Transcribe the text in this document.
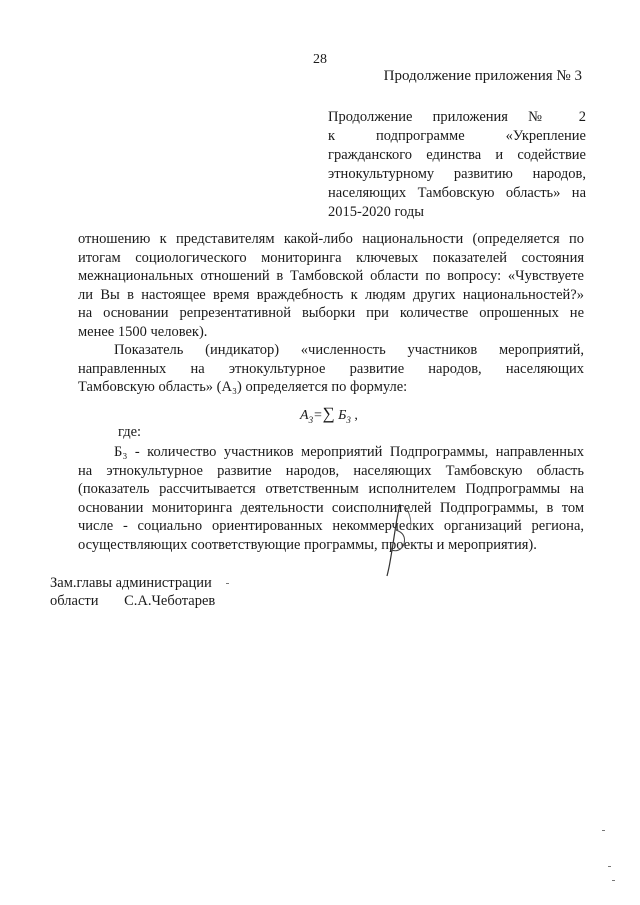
28
Продолжение приложения № 3
Продолжение приложения № 2
к подпрограмме «Укрепление
гражданского единства и содействие
этнокультурному развитию народов,
населяющих Тамбовскую область» на
2015-2020 годы
отношению к представителям какой-либо национальности (определяется по
итогам социологического мониторинга ключевых показателей состояния
межнациональных отношений в Тамбовской области по вопросу: «Чувствуете
ли Вы в настоящее время враждебность к людям других национальностей?»
на основании репрезентативной выборки при количестве опрошенных не
менее 1500 человек).
Показатель (индикатор) «численность участников мероприятий,
направленных на этнокультурное развитие народов, населяющих
Тамбовскую область» (А₃) определяется по формуле:
$A_3=\sum$ $Б_3$ ,
где:
Б₃ - количество участников мероприятий Подпрограммы, направленных
на этнокультурное развитие народов, населяющих Тамбовскую область
(показатель рассчитывается ответственным исполнителем Подпрограммы на
основании мониторинга деятельности соисполнителей Подпрограммы, в том
числе - социально ориентированных некоммерческих организаций региона,
осуществляющих соответствующие программы, проекты и мероприятия).
Зам.главы администрации
области С.А.Чеботарев
